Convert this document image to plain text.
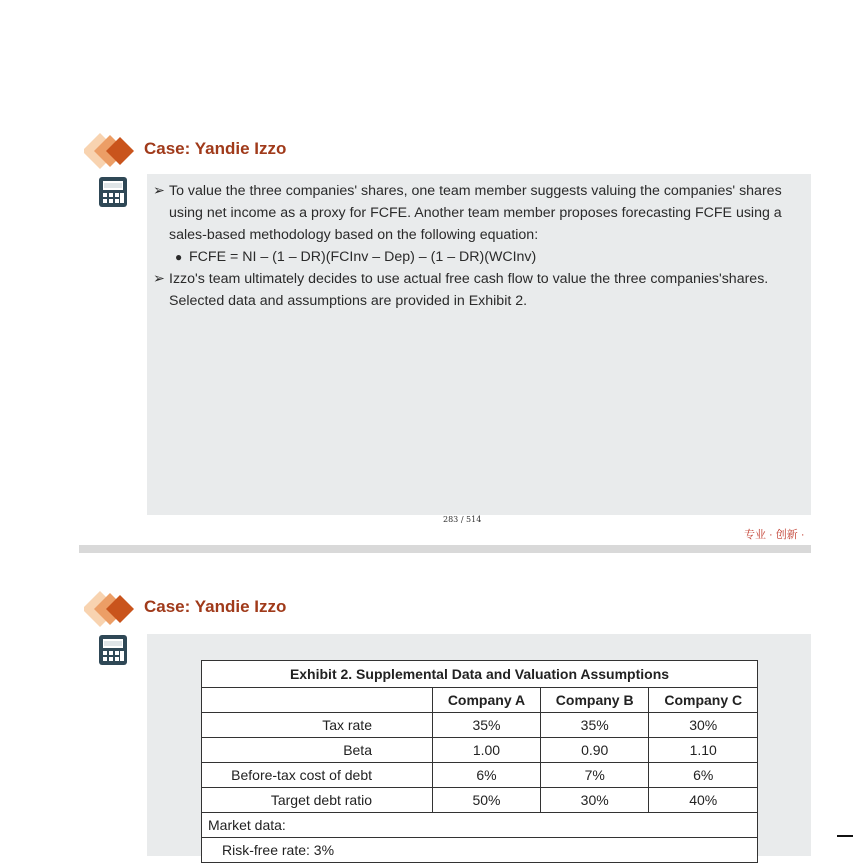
Case: Yandie Izzo
➢ To value the three companies' shares, one team member suggests valuing the companies' shares using net income as a proxy for FCFE. Another team member proposes forecasting FCFE using a sales-based methodology based on the following equation:
● FCFE = NI – (1 – DR)(FCInv – Dep) – (1 – DR)(WCInv)
➢ Izzo's team ultimately decides to use actual free cash flow to value the three companies'shares. Selected data and assumptions are provided in Exhibit 2.
283 / 514
专业 · 创新 ·
Case: Yandie Izzo
Exhibit 2. Supplemental Data and Valuation Assumptions			
	Company A	Company B	Company C
Tax rate	35%	35%	30%
Beta	1.00	0.90	1.10
Before-tax cost of debt	6%	7%	6%
Target debt ratio	50%	30%	40%
Market data:			
Risk-free rate: 3%			
